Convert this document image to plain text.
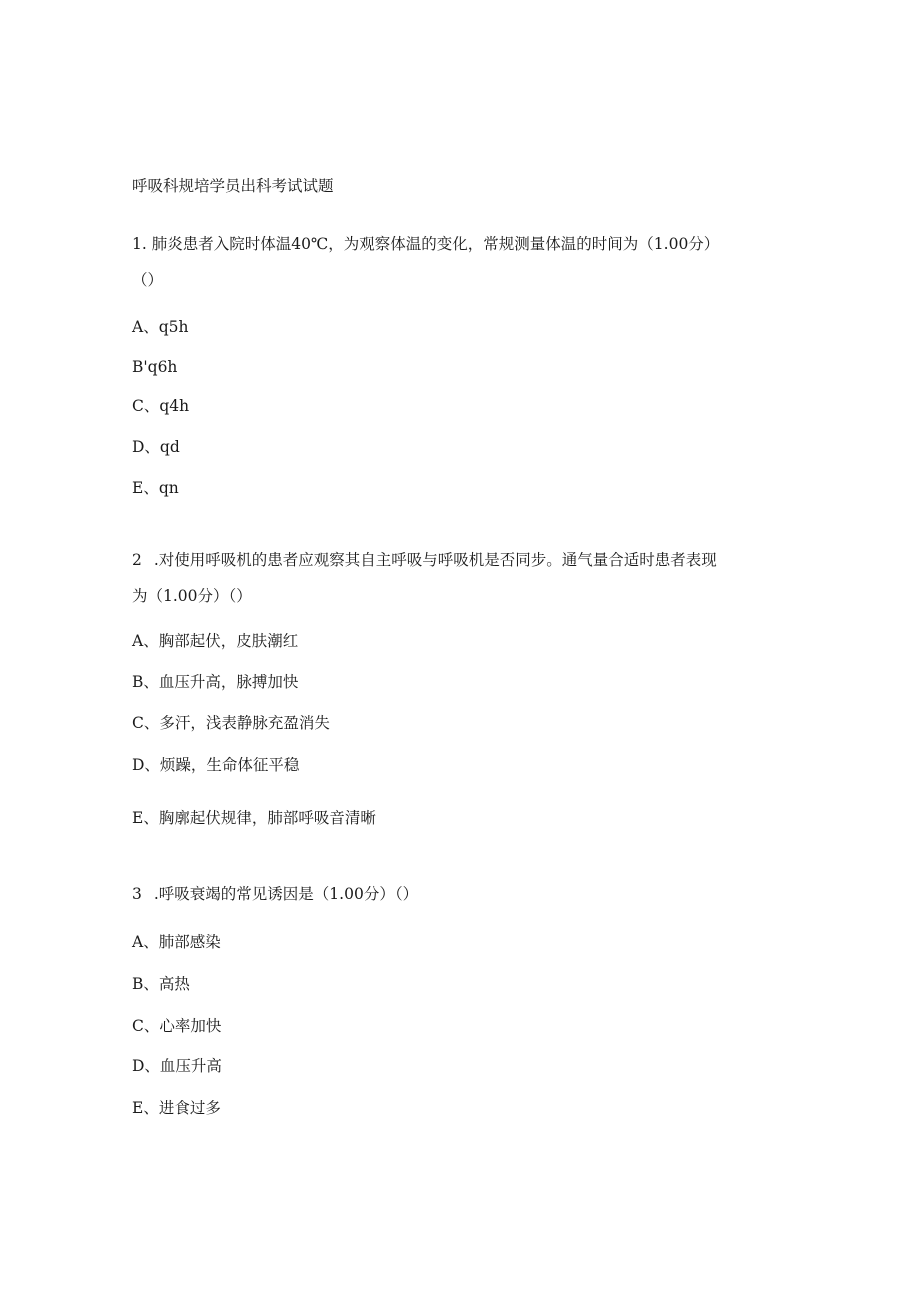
呼吸科规培学员出科考试试题
1. 肺炎患者入院时体温40℃，为观察体温的变化，常规测量体温的时间为（1.00分）
（）
A、q5h
B'q6h
C、q4h
D、qd
E、qn
2 .对使用呼吸机的患者应观察其自主呼吸与呼吸机是否同步。通气量合适时患者表现
为（1.00分）（）
A、胸部起伏，皮肤潮红
B、血压升高，脉搏加快
C、多汗，浅表静脉充盈消失
D、烦躁，生命体征平稳
E、胸廓起伏规律，肺部呼吸音清晰
3 .呼吸衰竭的常见诱因是（1.00分）（）
A、肺部感染
B、高热
C、心率加快
D、血压升高
E、进食过多
